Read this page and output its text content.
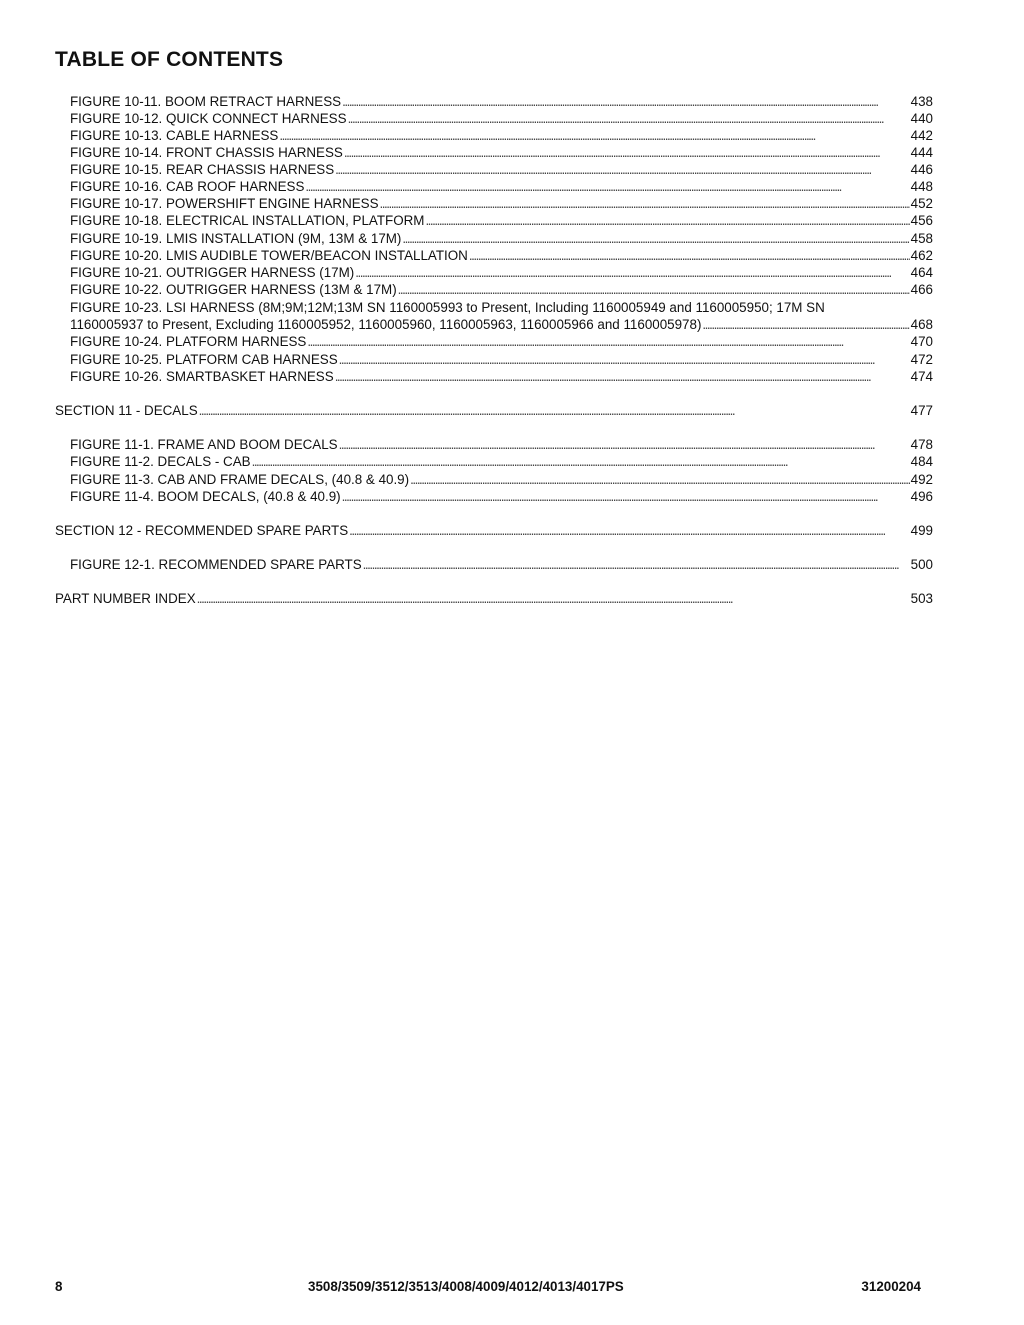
TABLE OF CONTENTS
FIGURE 10-11. BOOM RETRACT HARNESS . . .	438
FIGURE 10-12. QUICK CONNECT HARNESS . . .	440
FIGURE 10-13. CABLE HARNESS . . .	442
FIGURE 10-14. FRONT CHASSIS HARNESS . . .	444
FIGURE 10-15. REAR CHASSIS HARNESS . . .	446
FIGURE 10-16. CAB ROOF HARNESS . . .	448
FIGURE 10-17. POWERSHIFT ENGINE HARNESS . . .	452
FIGURE 10-18. ELECTRICAL INSTALLATION, PLATFORM . . .	456
FIGURE 10-19. LMIS INSTALLATION (9M, 13M & 17M) . . .	458
FIGURE 10-20. LMIS AUDIBLE TOWER/BEACON INSTALLATION . . .	462
FIGURE 10-21. OUTRIGGER HARNESS (17M) . . .	464
FIGURE 10-22. OUTRIGGER HARNESS (13M & 17M) . . .	466
FIGURE 10-23. LSI HARNESS (8M;9M;12M;13M SN 1160005993 to Present, Including 1160005949 and 1160005950; 17M SN
1160005937 to Present, Excluding 1160005952, 1160005960, 1160005963, 1160005966 and 1160005978) . . .	468
FIGURE 10-24. PLATFORM HARNESS . . .	470
FIGURE 10-25. PLATFORM CAB HARNESS . . .	472
FIGURE 10-26. SMARTBASKET HARNESS . . .	474
SECTION 11 - DECALS . . .	477
FIGURE 11-1. FRAME AND BOOM DECALS . . .	478
FIGURE 11-2. DECALS - CAB . . .	484
FIGURE 11-3. CAB AND FRAME DECALS, (40.8 & 40.9) . . .	492
FIGURE 11-4. BOOM DECALS, (40.8 & 40.9) . . .	496
SECTION 12 - RECOMMENDED SPARE PARTS . . .	499
FIGURE 12-1. RECOMMENDED SPARE PARTS . . .	500
PART NUMBER INDEX . . .	503
8	3508/3509/3512/3513/4008/4009/4012/4013/4017PS	31200204
